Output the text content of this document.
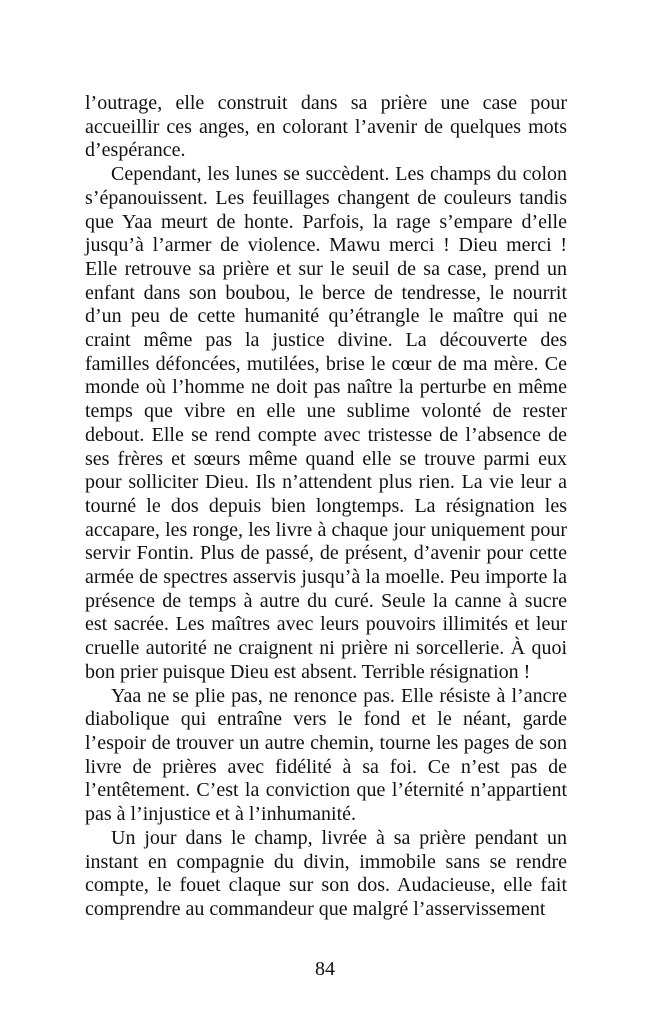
l’outrage, elle construit dans sa prière une case pour accueillir ces anges, en colorant l’avenir de quelques mots d’espérance.

Cependant, les lunes se succèdent. Les champs du colon s’épanouissent. Les feuillages changent de couleurs tandis que Yaa meurt de honte. Parfois, la rage s’empare d’elle jusqu’à l’armer de violence. Mawu merci ! Dieu merci ! Elle retrouve sa prière et sur le seuil de sa case, prend un enfant dans son boubou, le berce de tendresse, le nourrit d’un peu de cette humanité qu’étrangle le maître qui ne craint même pas la justice divine. La découverte des familles défoncées, mutilées, brise le cœur de ma mère. Ce monde où l’homme ne doit pas naître la perturbe en même temps que vibre en elle une sublime volonté de rester debout. Elle se rend compte avec tristesse de l’absence de ses frères et sœurs même quand elle se trouve parmi eux pour solliciter Dieu. Ils n’attendent plus rien. La vie leur a tourné le dos depuis bien longtemps. La résignation les accapare, les ronge, les livre à chaque jour uniquement pour servir Fontin. Plus de passé, de présent, d’avenir pour cette armée de spectres asservis jusqu’à la moelle. Peu importe la présence de temps à autre du curé. Seule la canne à sucre est sacrée. Les maîtres avec leurs pouvoirs illimités et leur cruelle autorité ne craignent ni prière ni sorcellerie. À quoi bon prier puisque Dieu est absent. Terrible résignation !

Yaa ne se plie pas, ne renonce pas. Elle résiste à l’ancre diabolique qui entraîne vers le fond et le néant, garde l’espoir de trouver un autre chemin, tourne les pages de son livre de prières avec fidélité à sa foi. Ce n’est pas de l’entêtement. C’est la conviction que l’éternité n’appartient pas à l’injustice et à l’inhumanité.

Un jour dans le champ, livrée à sa prière pendant un instant en compagnie du divin, immobile sans se rendre compte, le fouet claque sur son dos. Audacieuse, elle fait comprendre au commandeur que malgré l’asservissement

84
